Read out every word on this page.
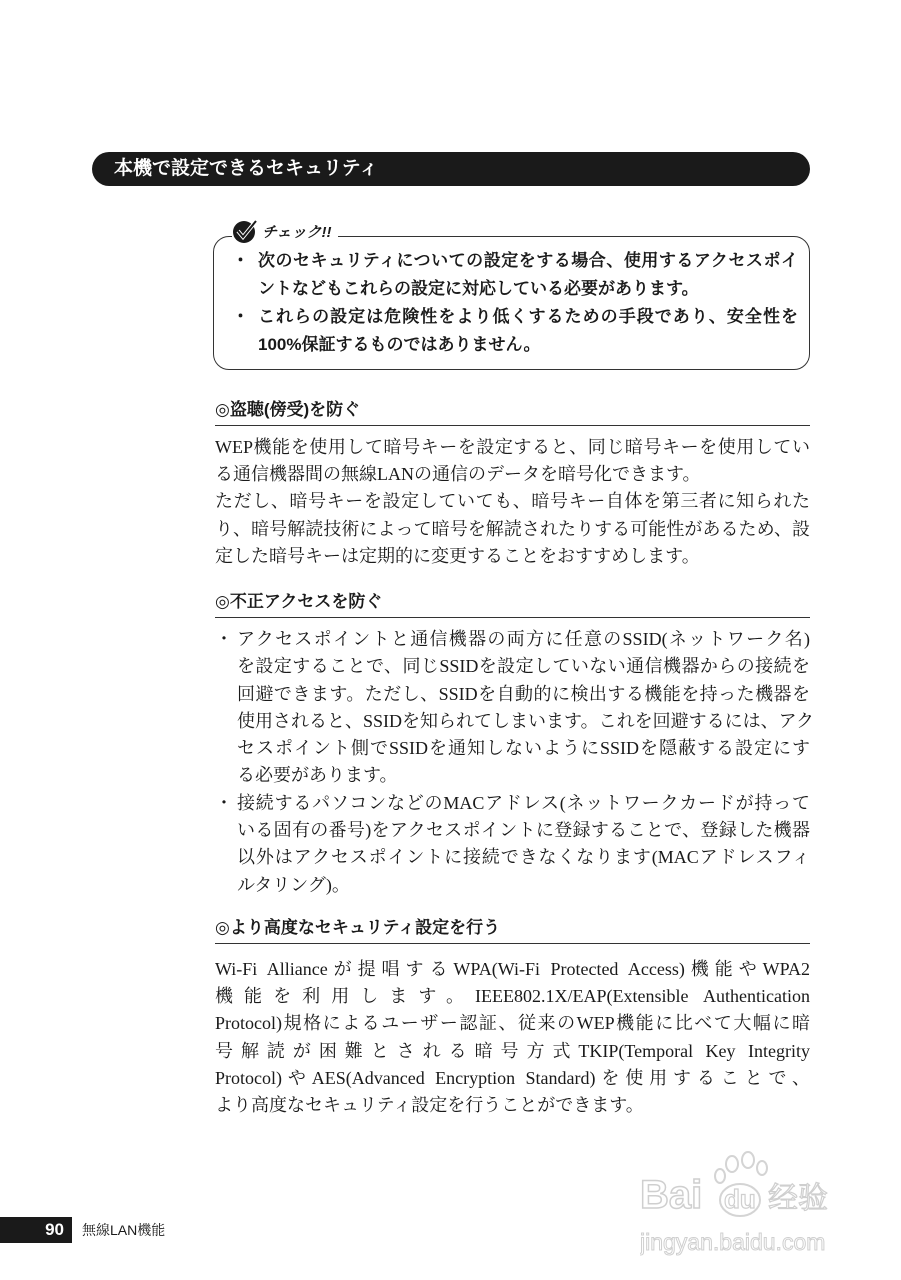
本機で設定できるセキュリティ
チェック!!
・ 次のセキュリティについての設定をする場合、使用するアクセスポイ
ントなどもこれらの設定に対応している必要があります。
・ これらの設定は危険性をより低くするための手段であり、安全性を
100%保証するものではありません。
◎盗聴(傍受)を防ぐ
WEP機能を使用して暗号キーを設定すると、同じ暗号キーを使用してい
る通信機器間の無線LANの通信のデータを暗号化できます。
ただし、暗号キーを設定していても、暗号キー自体を第三者に知られた
り、暗号解読技術によって暗号を解読されたりする可能性があるため、設
定した暗号キーは定期的に変更することをおすすめします。
◎不正アクセスを防ぐ
・ アクセスポイントと通信機器の両方に任意のSSID(ネットワーク名)
を設定することで、同じSSIDを設定していない通信機器からの接続を
回避できます。ただし、SSIDを自動的に検出する機能を持った機器を
使用されると、SSIDを知られてしまいます。これを回避するには、アク
セスポイント側でSSIDを通知しないようにSSIDを隠蔽する設定にす
る必要があります。
・ 接続するパソコンなどのMACアドレス(ネットワークカードが持って
いる固有の番号)をアクセスポイントに登録することで、登録した機器
以外はアクセスポイントに接続できなくなります(MACアドレスフィ
ルタリング)。
◎より高度なセキュリティ設定を行う
Wi-Fi Allianceが提唱するWPA(Wi-Fi Protected Access)機能やWPA2
機能を利用します。IEEE802.1X/EAP(Extensible Authentication
Protocol)規格によるユーザー認証、従来のWEP機能に比べて大幅に暗
号解読が困難とされる暗号方式TKIP(Temporal Key Integrity
Protocol)やAES(Advanced Encryption Standard)を使用することで、
より高度なセキュリティ設定を行うことができます。
90	無線LAN機能
Bai du 经验
jingyan.baidu.com
